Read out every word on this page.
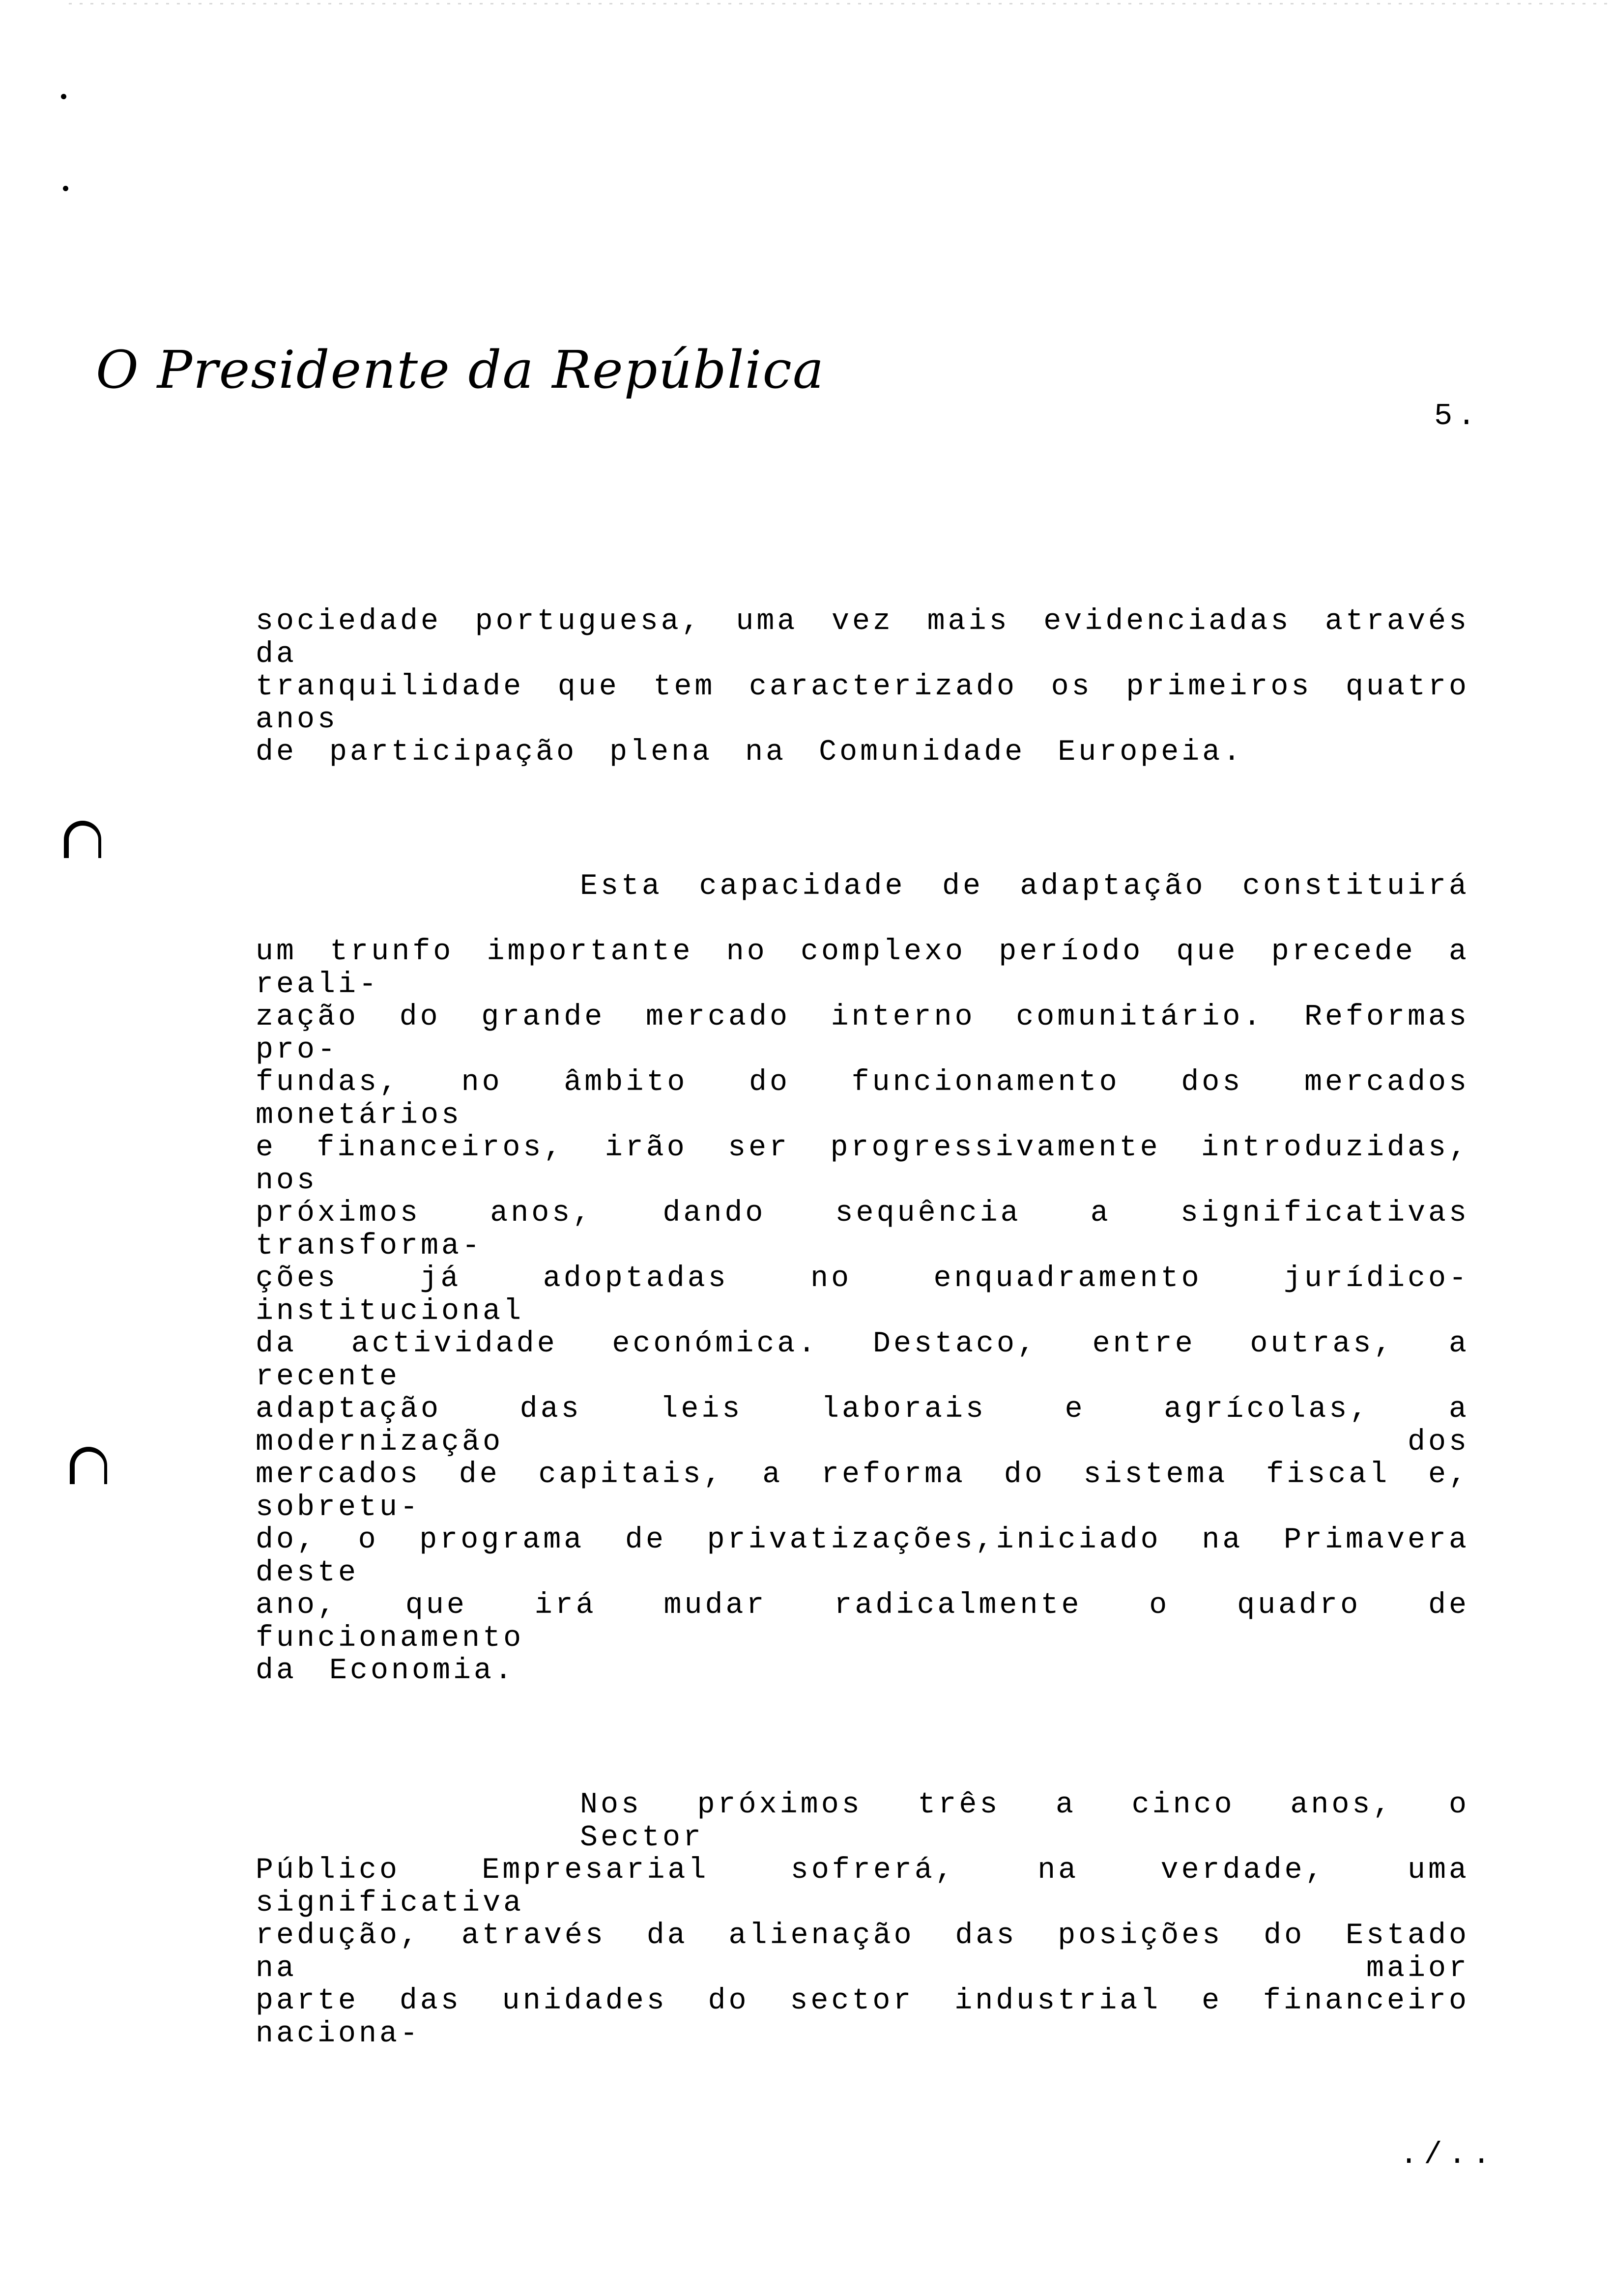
O Presidente da República
5.
sociedade portuguesa, uma vez mais evidenciadas através da
tranquilidade que tem caracterizado os primeiros quatro anos
de participação plena na Comunidade Europeia.
Esta capacidade de adaptação constituirá
um trunfo importante no complexo período que precede a reali-
zação do grande mercado interno comunitário. Reformas pro-
fundas, no âmbito do funcionamento dos mercados monetários
e financeiros, irão ser progressivamente introduzidas, nos
próximos anos, dando sequência a significativas transforma-
ções já adoptadas no enquadramento jurídico-institucional
da actividade económica. Destaco, entre outras, a recente
adaptação das leis laborais e agrícolas, a modernização dos
mercados de capitais, a reforma do sistema fiscal e, sobretu-
do, o programa de privatizações,iniciado na Primavera deste
ano, que irá mudar radicalmente o quadro de funcionamento
da Economia.
Nos próximos três a cinco anos, o Sector
Público Empresarial sofrerá, na verdade, uma significativa
redução, através da alienação das posições do Estado na maior
parte das unidades do sector industrial e financeiro naciona-
./..
